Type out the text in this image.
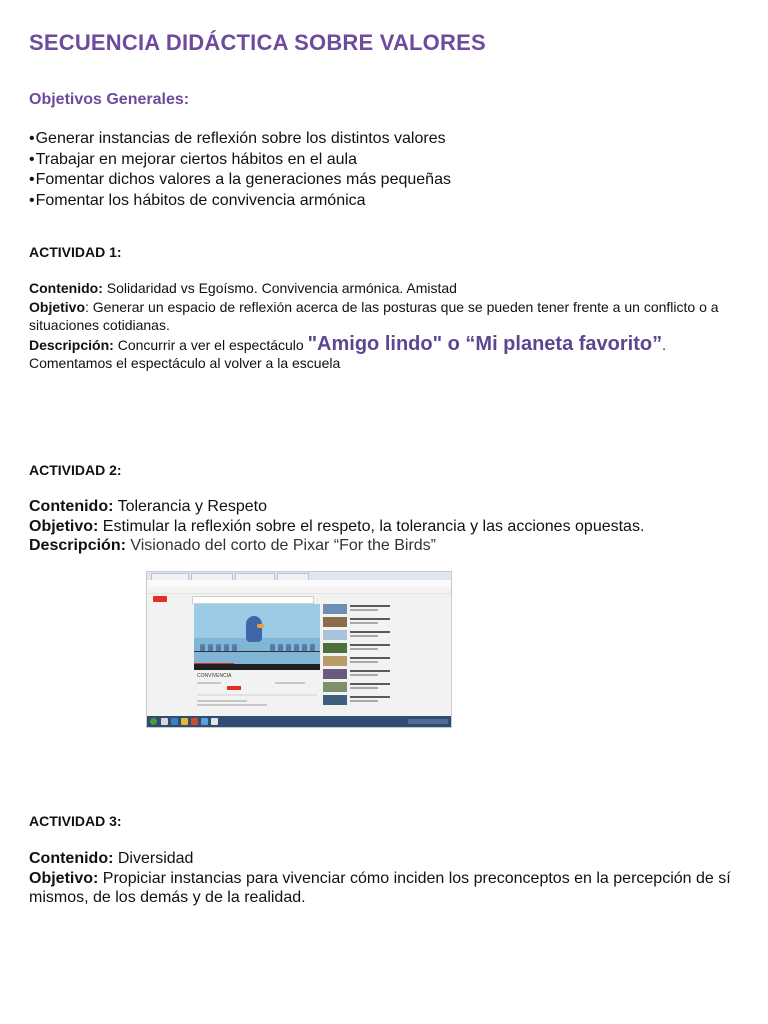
SECUENCIA DIDÁCTICA SOBRE VALORES
Objetivos Generales:
• Generar instancias de reflexión sobre los distintos valores
• Trabajar en mejorar ciertos hábitos en el aula
• Fomentar dichos valores a la generaciones más pequeñas
• Fomentar los hábitos de convivencia armónica
ACTIVIDAD 1:
Contenido: Solidaridad vs Egoísmo. Convivencia armónica. Amistad
Objetivo: Generar un espacio de reflexión acerca de las posturas que se pueden tener frente a un conflicto o a situaciones cotidianas.
Descripción: Concurrir a ver el espectáculo "Amigo lindo" o “Mi planeta favorito”.
Comentamos el espectáculo al volver a la escuela
ACTIVIDAD 2:
Contenido: Tolerancia y Respeto
Objetivo: Estimular la reflexión sobre el respeto, la tolerancia y las acciones opuestas.
Descripción: Visionado del corto de Pixar “For the Birds”
CONVIVENCIA
ACTIVIDAD 3:
Contenido: Diversidad
Objetivo: Propiciar instancias para vivenciar cómo inciden los preconceptos en la percepción de sí mismos, de los demás y de la realidad.
